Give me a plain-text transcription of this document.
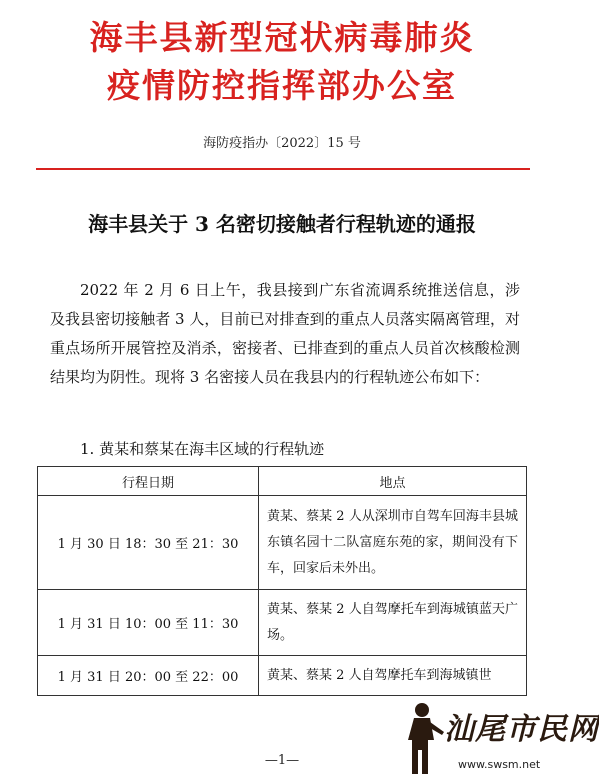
海丰县新型冠状病毒肺炎
疫情防控指挥部办公室
海防疫指办〔2022〕15 号
海丰县关于 3 名密切接触者行程轨迹的通报

2022 年 2 月 6 日上午，我县接到广东省流调系统推送信息，涉及我县密切接触者 3 人，目前已对排查到的重点人员落实隔离管理，对重点场所开展管控及消杀，密接者、已排查到的重点人员首次核酸检测结果均为阴性。现将 3 名密接人员在我县内的行程轨迹公布如下：

1. 黄某和蔡某在海丰区域的行程轨迹
行程日期	地点
1 月 30 日 18：30 至 21：30	黄某、蔡某 2 人从深圳市自驾车回海丰县城东镇名园十二队富庭东苑的家，期间没有下车，回家后未外出。
1 月 31 日 10：00 至 11：30	黄某、蔡某 2 人自驾摩托车到海城镇蓝天广场。
1 月 31 日 20：00 至 22：00	黄某、蔡某 2 人自驾摩托车到海城镇世
—1—
汕尾市民网
www.swsm.net
